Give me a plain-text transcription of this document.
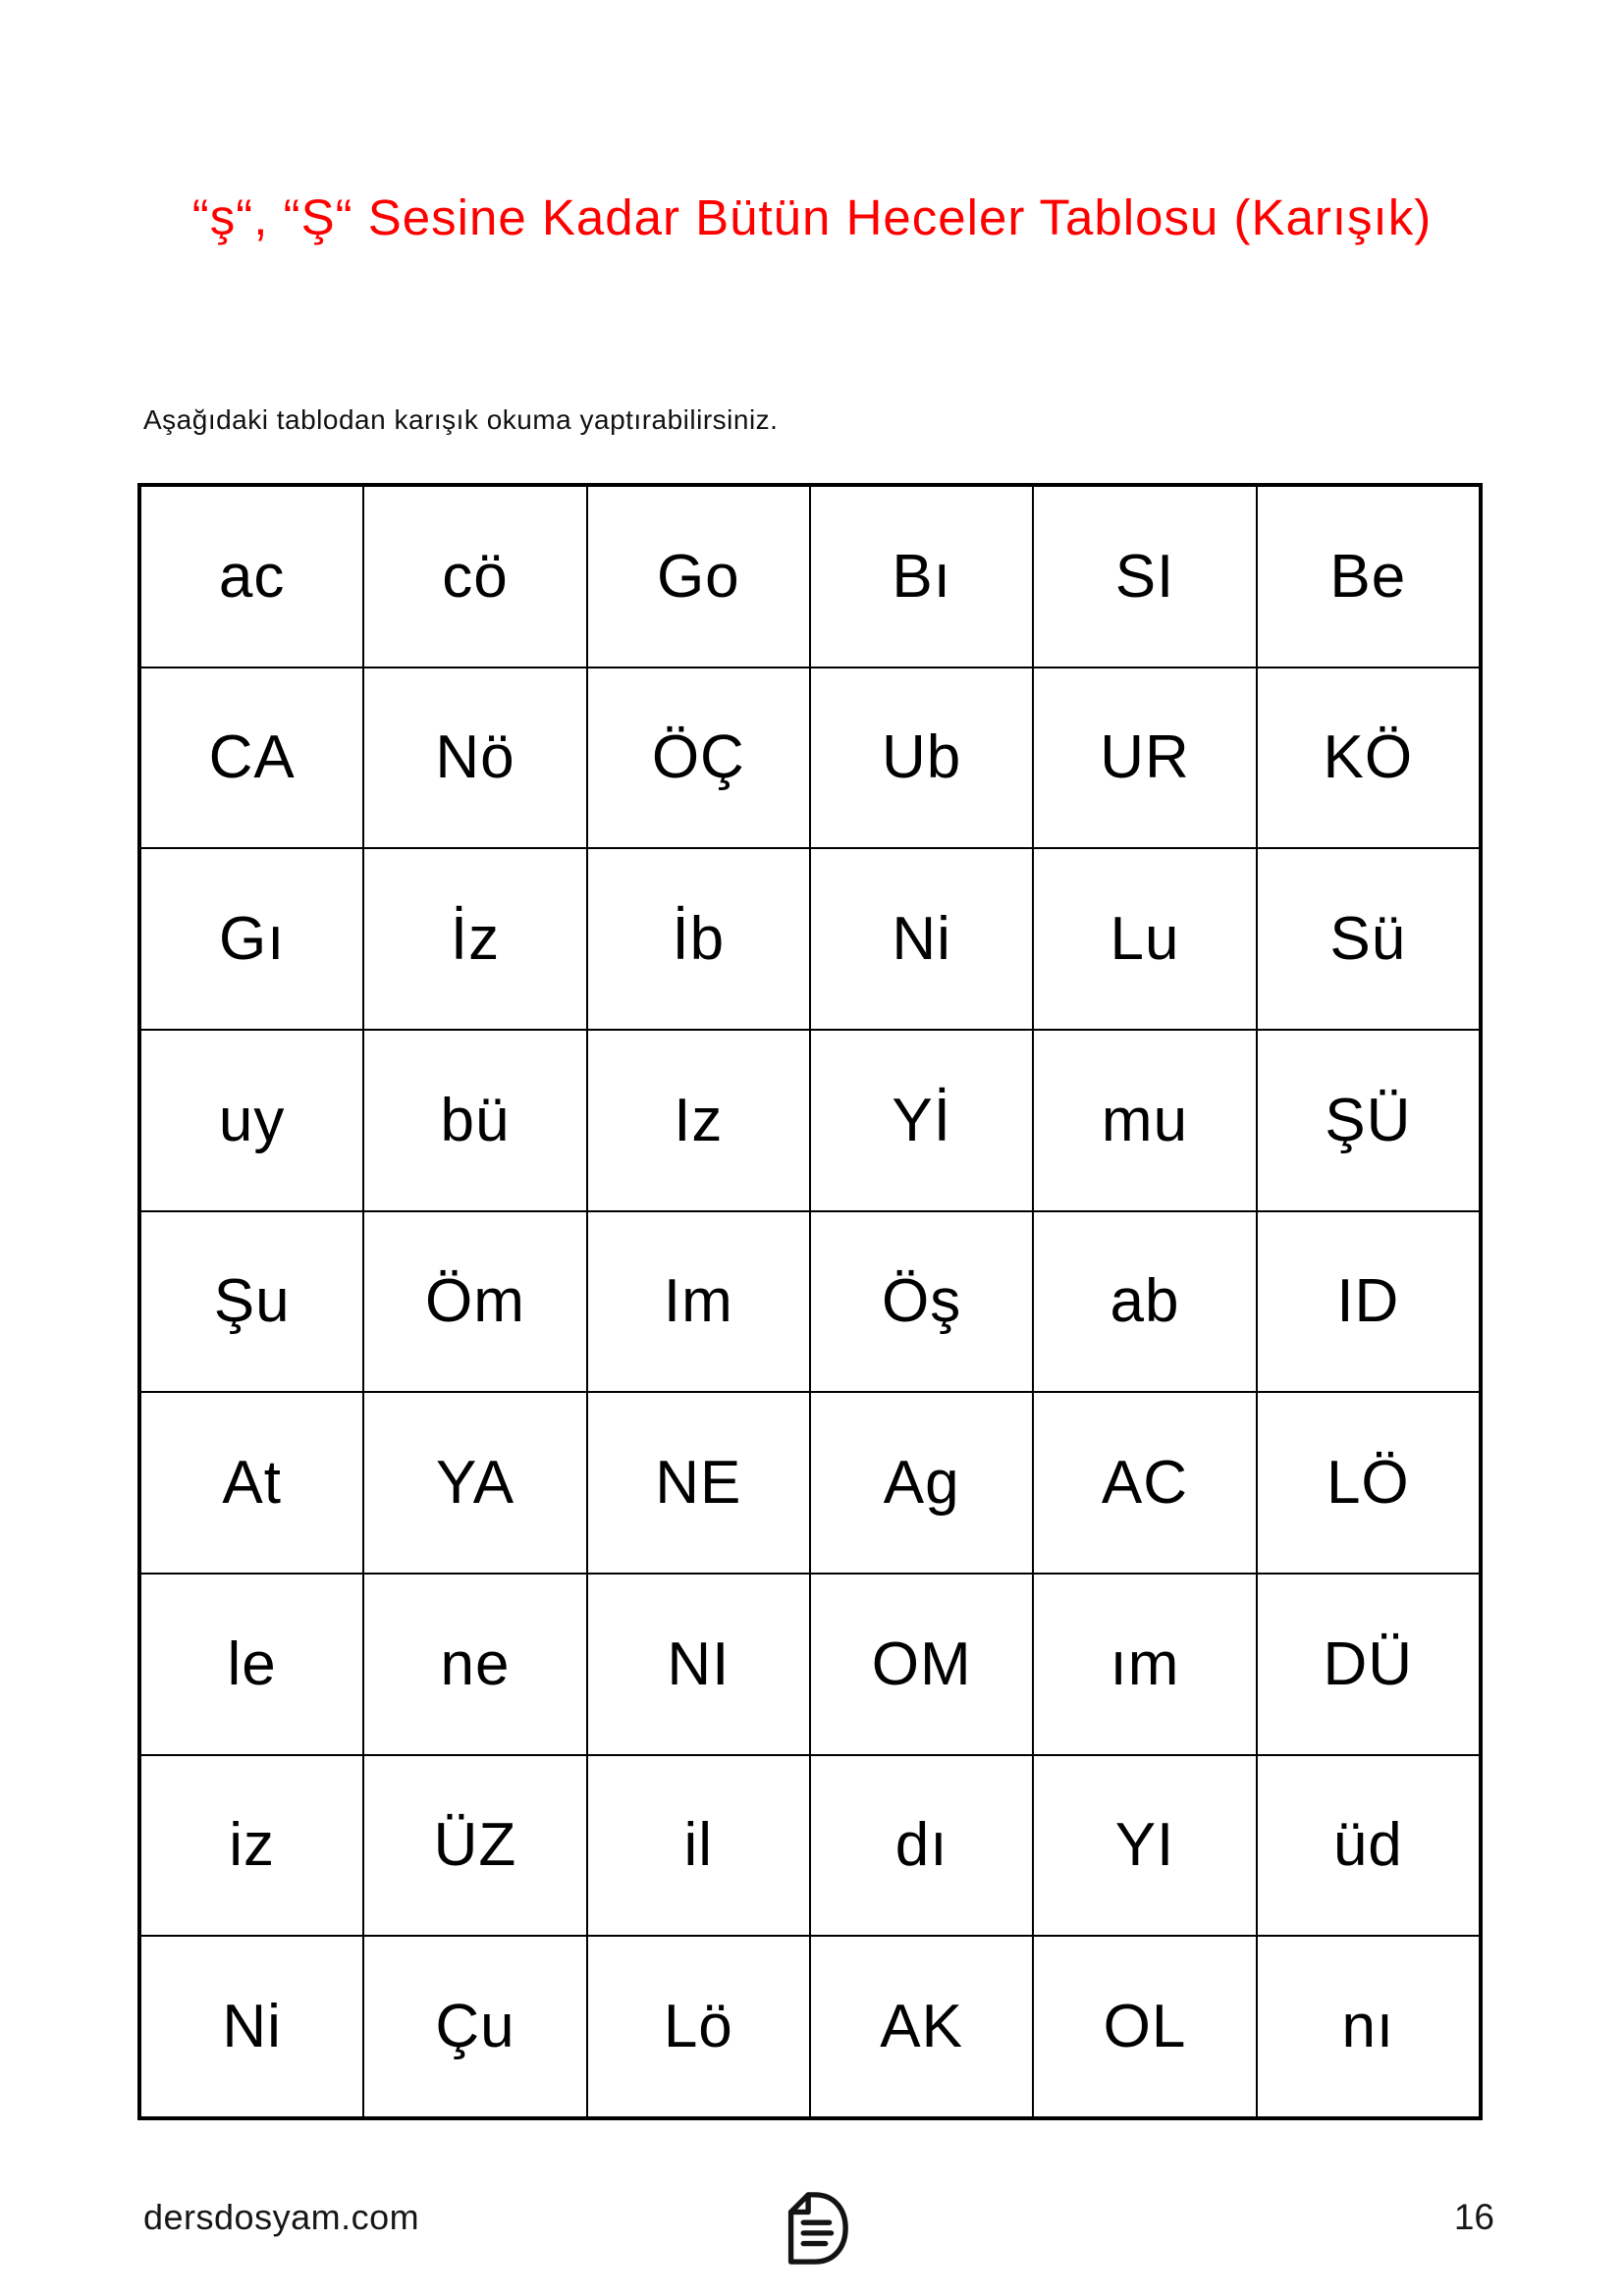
“ş“, “Ş“ Sesine Kadar Bütün Heceler Tablosu (Karışık)
Aşağıdaki tablodan karışık okuma yaptırabilirsiniz.
ac	cö	Go	Bı	SI	Be
CA	Nö	ÖÇ	Ub	UR	KÖ
Gı	İz	İb	Ni	Lu	Sü
uy	bü	Iz	Yİ	mu	ŞÜ
Şu	Öm	Im	Öş	ab	ID
At	YA	NE	Ag	AC	LÖ
le	ne	NI	OM	ım	DÜ
iz	ÜZ	il	dı	YI	üd
Ni	Çu	Lö	AK	OL	nı
dersdosyam.com	16
